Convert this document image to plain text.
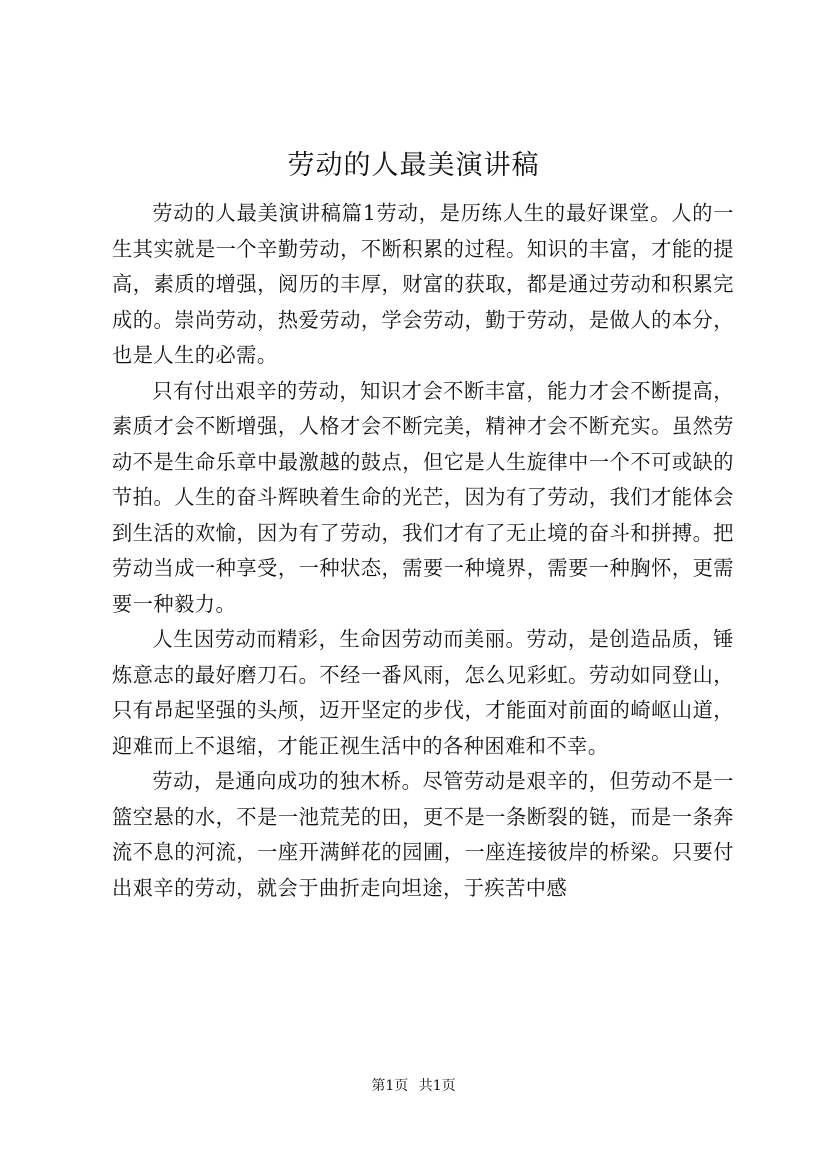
劳动的人最美演讲稿

劳动的人最美演讲稿篇1劳动，是历练人生的最好课堂。人的一生其实就是一个辛勤劳动，不断积累的过程。知识的丰富，才能的提高，素质的增强，阅历的丰厚，财富的获取，都是通过劳动和积累完成的。崇尚劳动，热爱劳动，学会劳动，勤于劳动，是做人的本分，也是人生的必需。

只有付出艰辛的劳动，知识才会不断丰富，能力才会不断提高，素质才会不断增强，人格才会不断完美，精神才会不断充实。虽然劳动不是生命乐章中最激越的鼓点，但它是人生旋律中一个不可或缺的节拍。人生的奋斗辉映着生命的光芒，因为有了劳动，我们才能体会到生活的欢愉，因为有了劳动，我们才有了无止境的奋斗和拼搏。把劳动当成一种享受，一种状态，需要一种境界，需要一种胸怀，更需要一种毅力。

人生因劳动而精彩，生命因劳动而美丽。劳动，是创造品质，锤炼意志的最好磨刀石。不经一番风雨，怎么见彩虹。劳动如同登山，只有昂起坚强的头颅，迈开坚定的步伐，才能面对前面的崎岖山道，迎难而上不退缩，才能正视生活中的各种困难和不幸。

劳动，是通向成功的独木桥。尽管劳动是艰辛的，但劳动不是一篮空悬的水，不是一池荒芜的田，更不是一条断裂的链，而是一条奔流不息的河流，一座开满鲜花的园圃，一座连接彼岸的桥梁。只要付出艰辛的劳动，就会于曲折走向坦途，于疾苦中感

第1页 共1页
